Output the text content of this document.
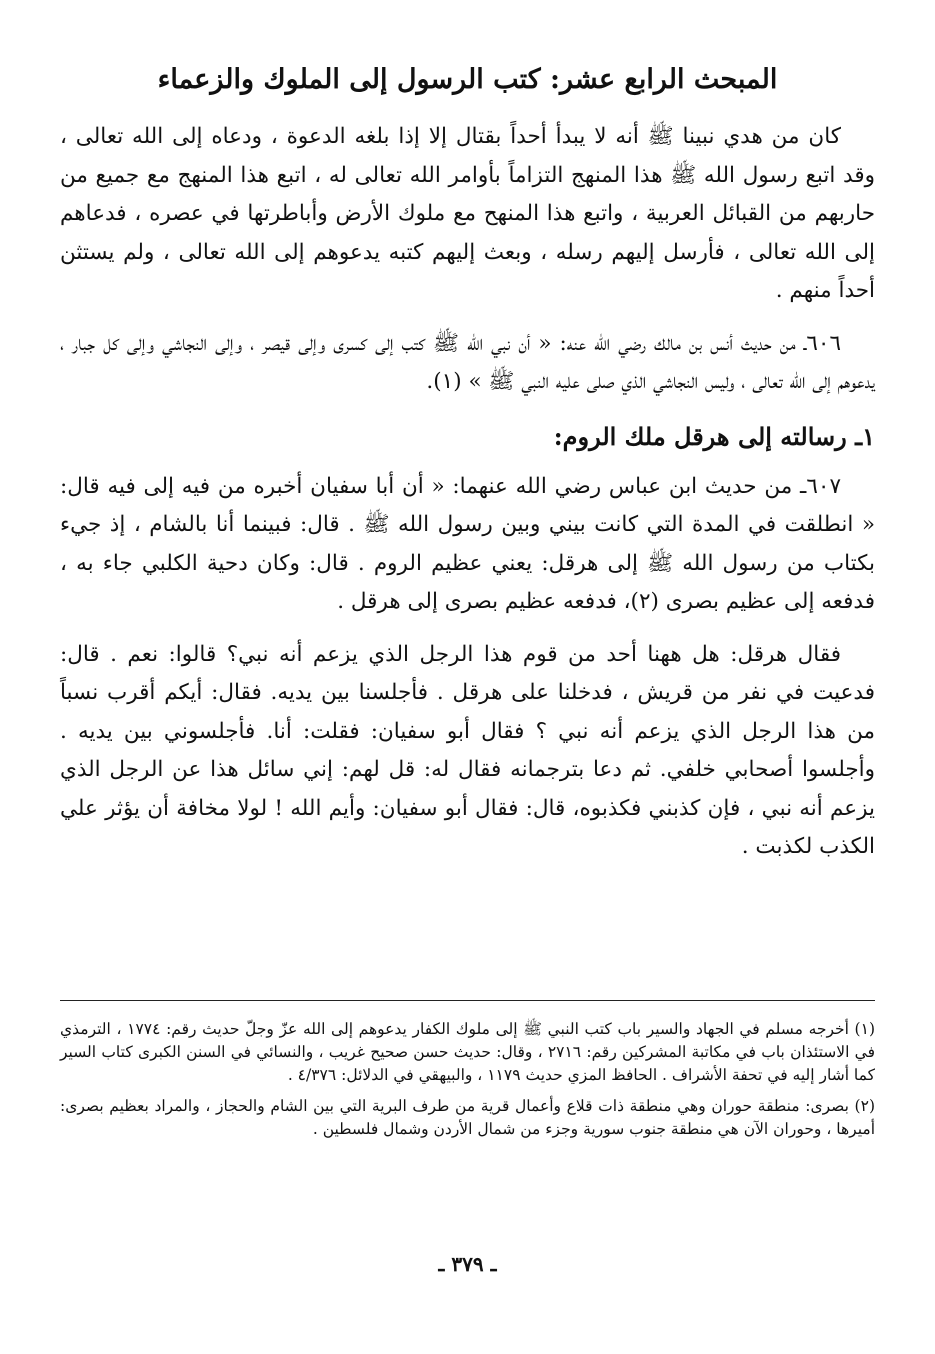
المبحث الرابع عشر: كتب الرسول إلى الملوك والزعماء

كان من هدي نبينا ﷺ أنه لا يبدأ أحداً بقتال إلا إذا بلغه الدعوة ، ودعاه إلى الله تعالى ، وقد اتبع رسول الله ﷺ هذا المنهج التزاماً بأوامر الله تعالى له ، اتبع هذا المنهج مع جميع من حاربهم من القبائل العربية ، واتبع هذا المنهح مع ملوك الأرض وأباطرتها في عصره ، فدعاهم إلى الله تعالى ، فأرسل إليهم رسله ، وبعث إليهم كتبه يدعوهم إلى الله تعالى ، ولم يستثن أحداً منهم .

٦٠٦ـ من حديث أنس بن مالك رضي الله عنه: « أن نبي الله ﷺ كتب إلى كسرى وإلى قيصر ، وإلى النجاشي وإلى كل جبار ، يدعوهم إلى الله تعالى ، وليس النجاشي الذي صلى عليه النبي ﷺ » (١).

١ـ رسالته إلى هرقل ملك الروم:

٦٠٧ـ من حديث ابن عباس رضي الله عنهما: « أن أبا سفيان أخبره من فيه إلى فيه قال: « انطلقت في المدة التي كانت بيني وبين رسول الله ﷺ . قال: فبينما أنا بالشام ، إذ جيء بكتاب من رسول الله ﷺ إلى هرقل: يعني عظيم الروم . قال: وكان دحية الكلبي جاء به ، فدفعه إلى عظيم بصرى (٢)، فدفعه عظيم بصرى إلى هرقل .

فقال هرقل: هل ههنا أحد من قوم هذا الرجل الذي يزعم أنه نبي؟ قالوا: نعم . قال: فدعيت في نفر من قريش ، فدخلنا على هرقل . فأجلسنا بين يديه. فقال: أيكم أقرب نسباً من هذا الرجل الذي يزعم أنه نبي ؟ فقال أبو سفيان: فقلت: أنا. فأجلسوني بين يديه . وأجلسوا أصحابي خلفي. ثم دعا بترجمانه فقال له: قل لهم: إني سائل هذا عن الرجل الذي يزعم أنه نبي ، فإن كذبني فكذبوه، قال: فقال أبو سفيان: وأيم الله ! لولا مخافة أن يؤثر علي الكذب لكذبت .

(١) أخرجه مسلم في الجهاد والسير باب كتب النبي ﷺ إلى ملوك الكفار يدعوهم إلى الله عزّ وجلّ حديث رقم: ١٧٧٤ ، الترمذي في الاستئذان باب في مكاتبة المشركين رقم: ٢٧١٦ ، وقال: حديث حسن صحيح غريب ، والنسائي في السنن الكبرى كتاب السير كما أشار إليه في تحفة الأشراف . الحافظ المزي حديث ١١٧٩ ، والبيهقي في الدلائل: ٤/٣٧٦ .

(٢) بصرى: منطقة حوران وهي منطقة ذات قلاع وأعمال قرية من طرف البرية التي بين الشام والحجاز ، والمراد بعظيم بصرى: أميرها ، وحوران الآن هي منطقة جنوب سورية وجزء من شمال الأردن وشمال فلسطين .

ـ ٣٧٩ ـ
